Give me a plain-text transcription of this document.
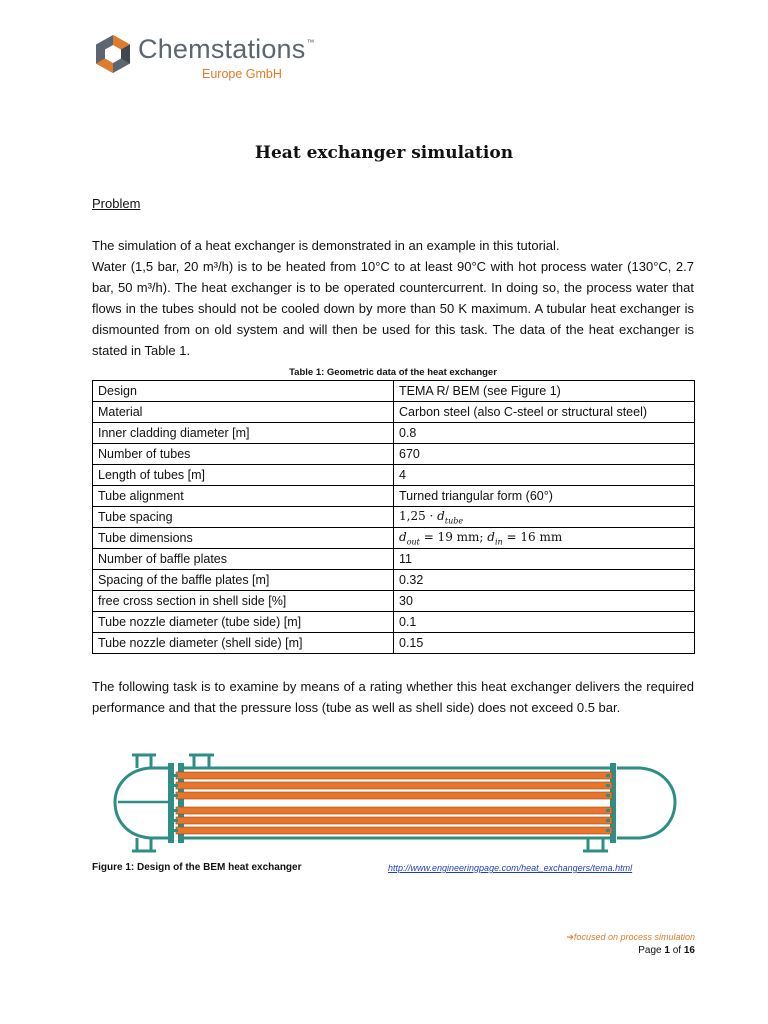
Chemstations™
Europe GmbH
Heat exchanger simulation
Problem

The simulation of a heat exchanger is demonstrated in an example in this tutorial.

Water (1,5 bar, 20 m³/h) is to be heated from 10°C to at least 90°C with hot process water (130°C, 2.7 bar, 50 m³/h). The heat exchanger is to be operated countercurrent. In doing so, the process water that flows in the tubes should not be cooled down by more than 50 K maximum. A tubular heat exchanger is dismounted from on old system and will then be used for this task. The data of the heat exchanger is stated in Table 1.

Table 1: Geometric data of the heat exchanger
Design	TEMA R/ BEM (see Figure 1)
Material	Carbon steel (also C-steel or structural steel)
Inner cladding diameter [m]	0.8
Number of tubes	670
Length of tubes [m]	4
Tube alignment	Turned triangular form (60°)
Tube spacing	$1,25 \cdot d_{tube}$
Tube dimensions	$d_{out} = 19$ mm; $d_{in} = 16$ mm
Number of baffle plates	11
Spacing of the baffle plates [m]	0.32
free cross section in shell side [%]	30
Tube nozzle diameter (tube side) [m]	0.1
Tube nozzle diameter (shell side) [m]	0.15
The following task is to examine by means of a rating whether this heat exchanger delivers the required performance and that the pressure loss (tube as well as shell side) does not exceed 0.5 bar.
Figure 1: Design of the BEM heat exchanger	http://www.engineeringpage.com/heat_exchangers/tema.html
➔focused on process simulation
Page 1 of 16
